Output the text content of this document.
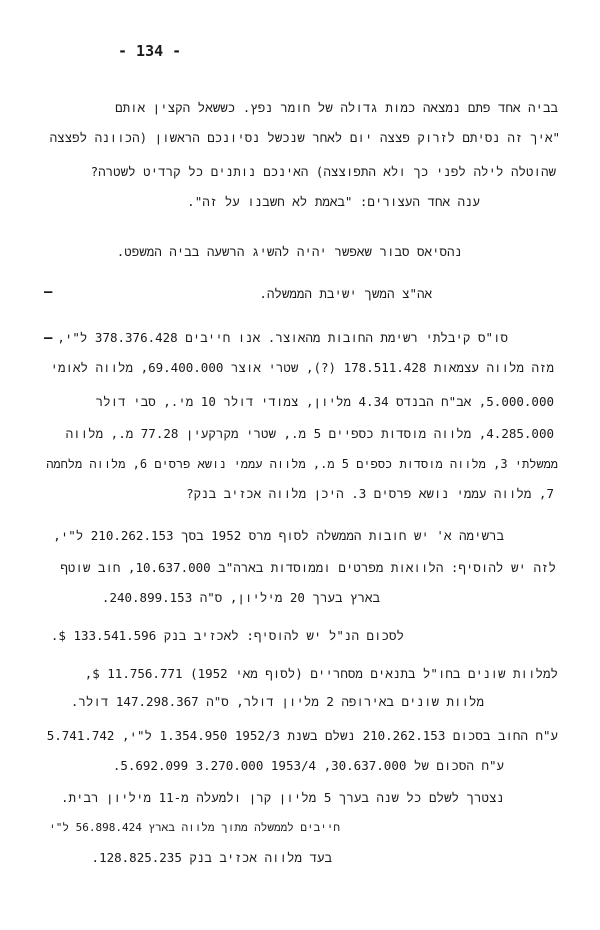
- 134 -
בביה אחד פתם נמצאה כמות גדולה של חומר נפץ. כששאל הקצין אותם
"איך זה נסיתם לזרוק פצצה יום לאחר שנכשל נסיונכם הראשון (הכוונה לפצצה
שהוטלה לילה לפני כך ולא התפוצצה) האינכם נותנים כל קרדיט לשטרה?
ענה אחד העצורים: "באמת לא חשבנו על זה".
נהסיאס סבור שאפשר יהיה להשיג הרשעה בביה המשפט.
–	אה"צ המשך ישיבת הממשלה.
– סו"ס קיבלתי רשימת החובות מהאוצר. אנו חייבים 378.376.428 ל"י,
מזה מלווה עצמאות 178.511.428 (?), שטרי אוצר 69.400.000, מלווה לאומי
5.000.000, אב"ח הבנדס 4.34 מליון, צמודי דולר 10 מי., סבי דולר
4.285.000, מלווה מוסדות כספיים 5 מ., שטרי מקרקעין 77.28 מ., מלווה
ממשלתי 3, מלווה מוסדות כספים 5 מ., מלווה עממי נושא פרסים 6, מלווה מלחמה
7, מלווה עממי נושא פרסים 3. היכן מלווה אכזיב בנק?
ברשימה א' יש חובות הממשלה לסוף מרס 1952 בסך 210.262.153 ל"י,
לזה יש להוסיף: הלוואות מפרטים וממוסדות בארה"ב 10.637.000, חוב שוטף
בארץ בערך 20 מיליון, ס"ה 240.899.153.
לסכום הנ"ל יש להוסיף: לאכזיב בנק 133.541.596 $.
למלוות שונים בחו"ל בתנאים מסחריים (לסוף מאי 1952) 11.756.771 $,
מלוות שונים באירופה 2 מליון דולר, ס"ה 147.298.367 דולר.
ע"ח החוב בסכום 210.262.153 נשלם בשנת 1952/3 1.354.950 ל"י, 5.741.742
ע"ח הסכום של 30.637.000, 1953/4 3.270.000 5.692.099.
נצטרך לשלם כל שנה בערך 5 מליון קרן ולמעלה מ-11 מיליון רבית.
חייבים לממשלה מתוך מלווה בארץ 56.898.424 ל"י
בעד מלווה אכזיב בנק 128.825.235.
